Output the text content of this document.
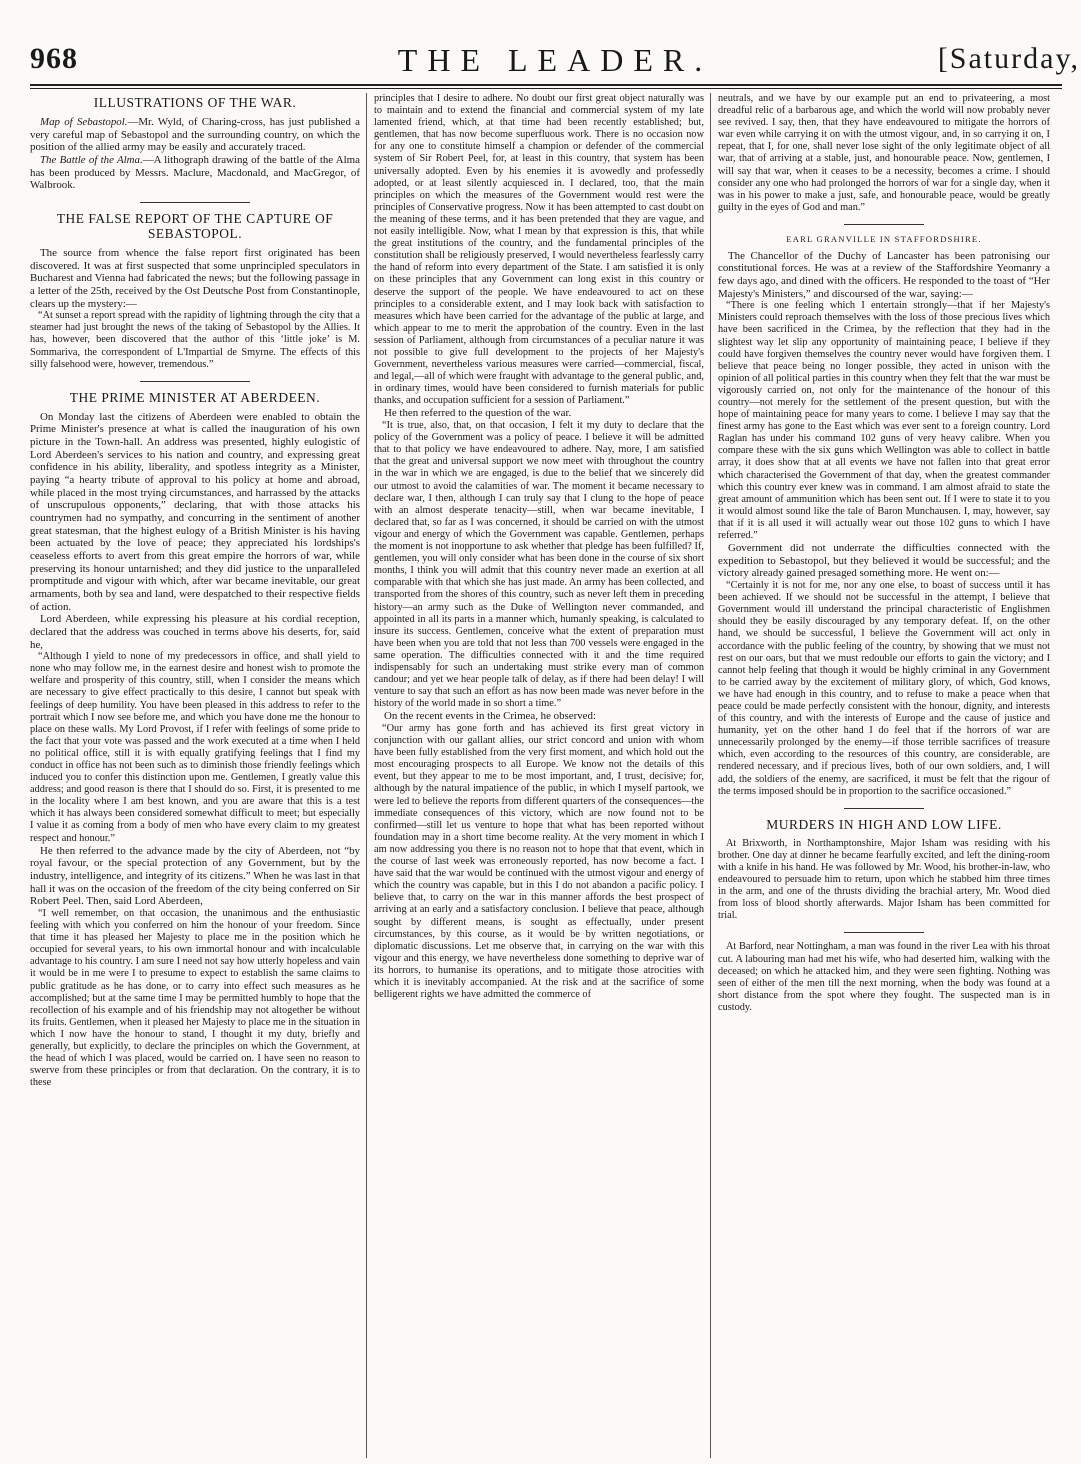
968	THE LEADER.	[Saturday,
ILLUSTRATIONS OF THE WAR.

Map of Sebastopol.—Mr. Wyld, of Charing-cross, has just published a very careful map of Sebastopol and the surrounding country, on which the position of the allied army may be easily and accurately traced.

The Battle of the Alma.—A lithograph drawing of the battle of the Alma has been produced by Messrs. Maclure, Macdonald, and MacGregor, of Walbrook.

THE FALSE REPORT OF THE CAPTURE OF SEBASTOPOL.

The source from whence the false report first originated has been discovered. It was at first suspected that some unprincipled speculators in Bucharest and Vienna had fabricated the news; but the following passage in a letter of the 25th, received by the Ost Deutsche Post from Constantinople, clears up the mystery:—

“At sunset a report spread with the rapidity of lightning through the city that a steamer had just brought the news of the taking of Sebastopol by the Allies. It has, however, been discovered that the author of this ‘little joke’ is M. Sommariva, the correspondent of L'Impartial de Smyrne. The effects of this silly falsehood were, however, tremendous.”

THE PRIME MINISTER AT ABERDEEN.

On Monday last the citizens of Aberdeen were enabled to obtain the Prime Minister's presence at what is called the inauguration of his own picture in the Town-hall. An address was presented, highly eulogistic of Lord Aberdeen's services to his nation and country, and expressing great confidence in his ability, liberality, and spotless integrity as a Minister, paying “a hearty tribute of approval to his policy at home and abroad, while placed in the most trying circumstances, and harrassed by the attacks of unscrupulous opponents,” declaring, that with those attacks his countrymen had no sympathy, and concurring in the sentiment of another great statesman, that the highest eulogy of a British Minister is his having been actuated by the love of peace; they appreciated his lordships's ceaseless efforts to avert from this great empire the horrors of war, while preserving its honour untarnished; and they did justice to the unparalleled promptitude and vigour with which, after war became inevitable, our great armaments, both by sea and land, were despatched to their respective fields of action.

Lord Aberdeen, while expressing his pleasure at his cordial reception, declared that the address was couched in terms above his deserts, for, said he,

“Although I yield to none of my predecessors in office, and shall yield to none who may follow me, in the earnest desire and honest wish to promote the welfare and prosperity of this country, still, when I consider the means which are necessary to give effect practically to this desire, I cannot but speak with feelings of deep humility. You have been pleased in this address to refer to the portrait which I now see before me, and which you have done me the honour to place on these walls. My Lord Provost, if I refer with feelings of some pride to the fact that your vote was passed and the work executed at a time when I held no political office, still it is with equally gratifying feelings that I find my conduct in office has not been such as to diminish those friendly feelings which induced you to confer this distinction upon me. Gentlemen, I greatly value this address; and good reason is there that I should do so. First, it is presented to me in the locality where I am best known, and you are aware that this is a test which it has always been considered somewhat difficult to meet; but especially I value it as coming from a body of men who have every claim to my greatest respect and honour.”

He then referred to the advance made by the city of Aberdeen, not “by royal favour, or the special protection of any Government, but by the industry, intelligence, and integrity of its citizens.” When he was last in that hall it was on the occasion of the freedom of the city being conferred on Sir Robert Peel. Then, said Lord Aberdeen,

“I well remember, on that occasion, the unanimous and the enthusiastic feeling with which you conferred on him the honour of your freedom. Since that time it has pleased her Majesty to place me in the position which he occupied for several years, to his own immortal honour and with incalculable advantage to his country. I am sure I need not say how utterly hopeless and vain it would be in me were I to presume to expect to establish the same claims to public gratitude as he has done, or to carry into effect such measures as he accomplished; but at the same time I may be permitted humbly to hope that the recollection of his example and of his friendship may not altogether be without its fruits. Gentlemen, when it pleased her Majesty to place me in the situation in which I now have the honour to stand, I thought it my duty, briefly and generally, but explicitly, to declare the principles on which the Government, at the head of which I was placed, would be carried on. I have seen no reason to swerve from these principles or from that declaration. On the contrary, it is to these

principles that I desire to adhere. No doubt our first great object naturally was to maintain and to extend the financial and commercial system of my late lamented friend, which, at that time had been recently established; but, gentlemen, that has now become superfluous work. There is no occasion now for any one to constitute himself a champion or defender of the commercial system of Sir Robert Peel, for, at least in this country, that system has been universally adopted. Even by his enemies it is avowedly and professedly adopted, or at least silently acquiesced in. I declared, too, that the main principles on which the measures of the Government would rest were the principles of Conservative progress. Now it has been attempted to cast doubt on the meaning of these terms, and it has been pretended that they are vague, and not easily intelligible. Now, what I mean by that expression is this, that while the great institutions of the country, and the fundamental principles of the constitution shall be religiously preserved, I would nevertheless fearlessly carry the hand of reform into every department of the State. I am satisfied it is only on these principles that any Government can long exist in this country or deserve the support of the people. We have endeavoured to act on these principles to a considerable extent, and I may look back with satisfaction to measures which have been carried for the advantage of the public at large, and which appear to me to merit the approbation of the country. Even in the last session of Parliament, although from circumstances of a peculiar nature it was not possible to give full development to the projects of her Majesty's Government, nevertheless various measures were carried—commercial, fiscal, and legal,—all of which were fraught with advantage to the general public, and, in ordinary times, would have been considered to furnish materials for public thanks, and occupation sufficient for a session of Parliament.”

He then referred to the question of the war.

“It is true, also, that, on that occasion, I felt it my duty to declare that the policy of the Government was a policy of peace. I believe it will be admitted that to that policy we have endeavoured to adhere. Nay, more, I am satisfied that the great and universal support we now meet with throughout the country in the war in which we are engaged, is due to the belief that we sincerely did our utmost to avoid the calamities of war. The moment it became necessary to declare war, I then, although I can truly say that I clung to the hope of peace with an almost desperate tenacity—still, when war became inevitable, I declared that, so far as I was concerned, it should be carried on with the utmost vigour and energy of which the Government was capable. Gentlemen, perhaps the moment is not inopportune to ask whether that pledge has been fulfilled? If, gentlemen, you will only consider what has been done in the course of six short months, I think you will admit that this country never made an exertion at all comparable with that which she has just made. An army has been collected, and transported from the shores of this country, such as never left them in preceding history—an army such as the Duke of Wellington never commanded, and appointed in all its parts in a manner which, humanly speaking, is calculated to insure its success. Gentlemen, conceive what the extent of preparation must have been when you are told that not less than 700 vessels were engaged in the same operation. The difficulties connected with it and the time required indispensably for such an undertaking must strike every man of common candour; and yet we hear people talk of delay, as if there had been delay! I will venture to say that such an effort as has now been made was never before in the history of the world made in so short a time.”

On the recent events in the Crimea, he observed:

“Our army has gone forth and has achieved its first great victory in conjunction with our gallant allies, our strict concord and union with whom have been fully established from the very first moment, and which hold out the most encouraging prospects to all Europe. We know not the details of this event, but they appear to me to be most important, and, I trust, decisive; for, although by the natural impatience of the public, in which I myself partook, we were led to believe the reports from different quarters of the consequences—the immediate consequences of this victory, which are now found not to be confirmed—still let us venture to hope that what has been reported without foundation may in a short time become reality. At the very moment in which I am now addressing you there is no reason not to hope that that event, which in the course of last week was erroneously reported, has now become a fact. I have said that the war would be continued with the utmost vigour and energy of which the country was capable, but in this I do not abandon a pacific policy. I believe that, to carry on the war in this manner affords the best prospect of arriving at an early and a satisfactory conclusion. I believe that peace, although sought by different means, is sought as effectually, under present circumstances, by this course, as it would be by written negotiations, or diplomatic discussions. Let me observe that, in carrying on the war with this vigour and this energy, we have nevertheless done something to deprive war of its horrors, to humanise its operations, and to mitigate those atrocities with which it is inevitably accompanied. At the risk and at the sacrifice of some belligerent rights we have admitted the commerce of

neutrals, and we have by our example put an end to privateering, a most dreadful relic of a barbarous age, and which the world will now probably never see revived. I say, then, that they have endeavoured to mitigate the horrors of war even while carrying it on with the utmost vigour, and, in so carrying it on, I repeat, that I, for one, shall never lose sight of the only legitimate object of all war, that of arriving at a stable, just, and honourable peace. Now, gentlemen, I will say that war, when it ceases to be a necessity, becomes a crime. I should consider any one who had prolonged the horrors of war for a single day, when it was in his power to make a just, safe, and honourable peace, would be greatly guilty in the eyes of God and man.”

EARL GRANVILLE IN STAFFORDSHIRE.

The Chancellor of the Duchy of Lancaster has been patronising our constitutional forces. He was at a review of the Staffordshire Yeomanry a few days ago, and dined with the officers. He responded to the toast of “Her Majesty's Ministers,” and discoursed of the war, saying:—

“There is one feeling which I entertain strongly—that if her Majesty's Ministers could reproach themselves with the loss of those precious lives which have been sacrificed in the Crimea, by the reflection that they had in the slightest way let slip any opportunity of maintaining peace, I believe if they could have forgiven themselves the country never would have forgiven them. I believe that peace being no longer possible, they acted in unison with the opinion of all political parties in this country when they felt that the war must be vigorously carried on, not only for the maintenance of the honour of this country—not merely for the settlement of the present question, but with the hope of maintaining peace for many years to come. I believe I may say that the finest army has gone to the East which was ever sent to a foreign country. Lord Raglan has under his command 102 guns of very heavy calibre. When you compare these with the six guns which Wellington was able to collect in battle array, it does show that at all events we have not fallen into that great error which characterised the Government of that day, when the greatest commander which this country ever knew was in command. I am almost afraid to state the great amount of ammunition which has been sent out. If I were to state it to you it would almost sound like the tale of Baron Munchausen. I, may, however, say that if it is all used it will actually wear out those 102 guns to which I have referred.”

Government did not underrate the difficulties connected with the expedition to Sebastopol, but they believed it would be successful; and the victory already gained presaged something more. He went on:—

“Certainly it is not for me, nor any one else, to boast of success until it has been achieved. If we should not be successful in the attempt, I believe that Government would ill understand the principal characteristic of Englishmen should they be easily discouraged by any temporary defeat. If, on the other hand, we should be successful, I believe the Government will act only in accordance with the public feeling of the country, by showing that we must not rest on our oars, but that we must redouble our efforts to gain the victory; and I cannot help feeling that though it would be highly criminal in any Government to be carried away by the excitement of military glory, of which, God knows, we have had enough in this country, and to refuse to make a peace when that peace could be made perfectly consistent with the honour, dignity, and interests of this country, and with the interests of Europe and the cause of justice and humanity, yet on the other hand I do feel that if the horrors of war are unnecessarily prolonged by the enemy—if those terrible sacrifices of treasure which, even according to the resources of this country, are considerable, are rendered necessary, and if precious lives, both of our own soldiers, and, I will add, the soldiers of the enemy, are sacrificed, it must be felt that the rigour of the terms imposed should be in proportion to the sacrifice occasioned.”

MURDERS IN HIGH AND LOW LIFE.

At Brixworth, in Northamptonshire, Major Isham was residing with his brother. One day at dinner he became fearfully excited, and left the dining-room with a knife in his hand. He was followed by Mr. Wood, his brother-in-law, who endeavoured to persuade him to return, upon which he stabbed him three times in the arm, and one of the thrusts dividing the brachial artery, Mr. Wood died from loss of blood shortly afterwards. Major Isham has been committed for trial.

At Barford, near Nottingham, a man was found in the river Lea with his throat cut. A labouring man had met his wife, who had deserted him, walking with the deceased; on which he attacked him, and they were seen fighting. Nothing was seen of either of the men till the next morning, when the body was found at a short distance from the spot where they fought. The suspected man is in custody.
